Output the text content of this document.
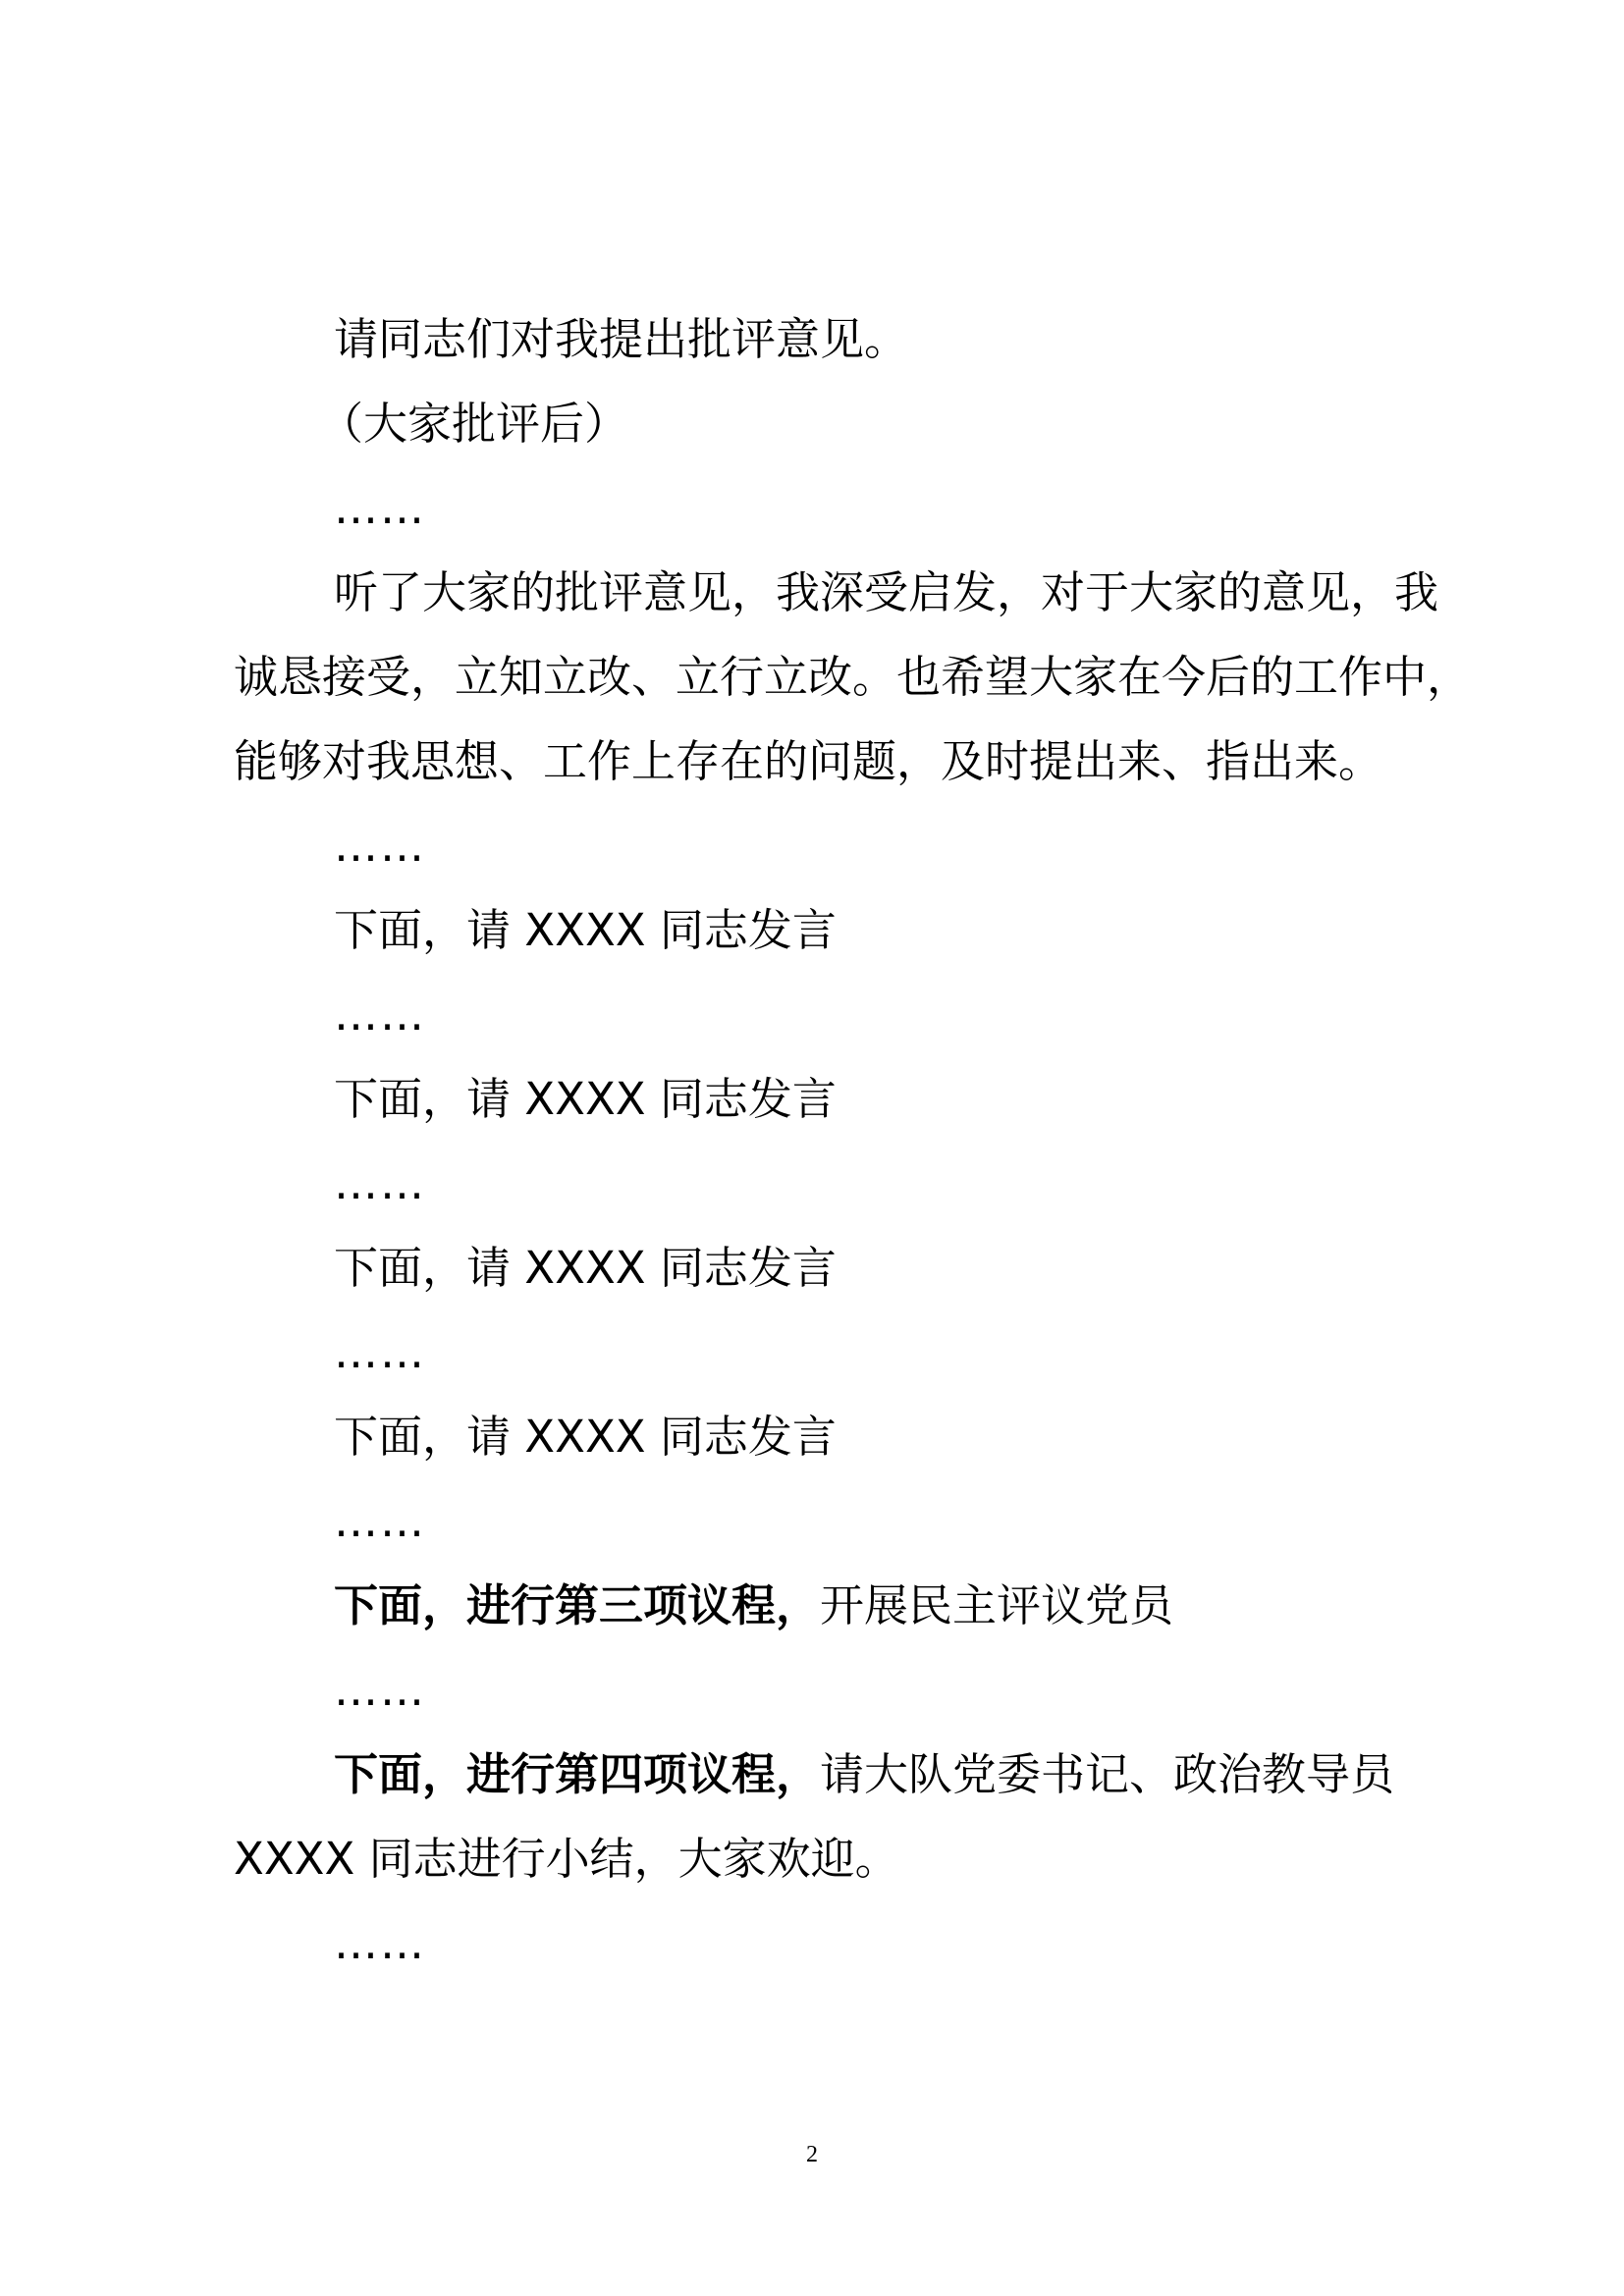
请同志们对我提出批评意见。
（大家批评后）
……
听了大家的批评意见，我深受启发，对于大家的意见，我
诚恳接受，立知立改、立行立改。也希望大家在今后的工作中，
能够对我思想、工作上存在的问题，及时提出来、指出来。
……
下面，请 XXXX 同志发言
……
下面，请 XXXX 同志发言
……
下面，请 XXXX 同志发言
……
下面，请 XXXX 同志发言
……
下面，进行第三项议程，开展民主评议党员
……
下面，进行第四项议程，请大队党委书记、政治教导员
XXXX 同志进行小结，大家欢迎。
……
2
